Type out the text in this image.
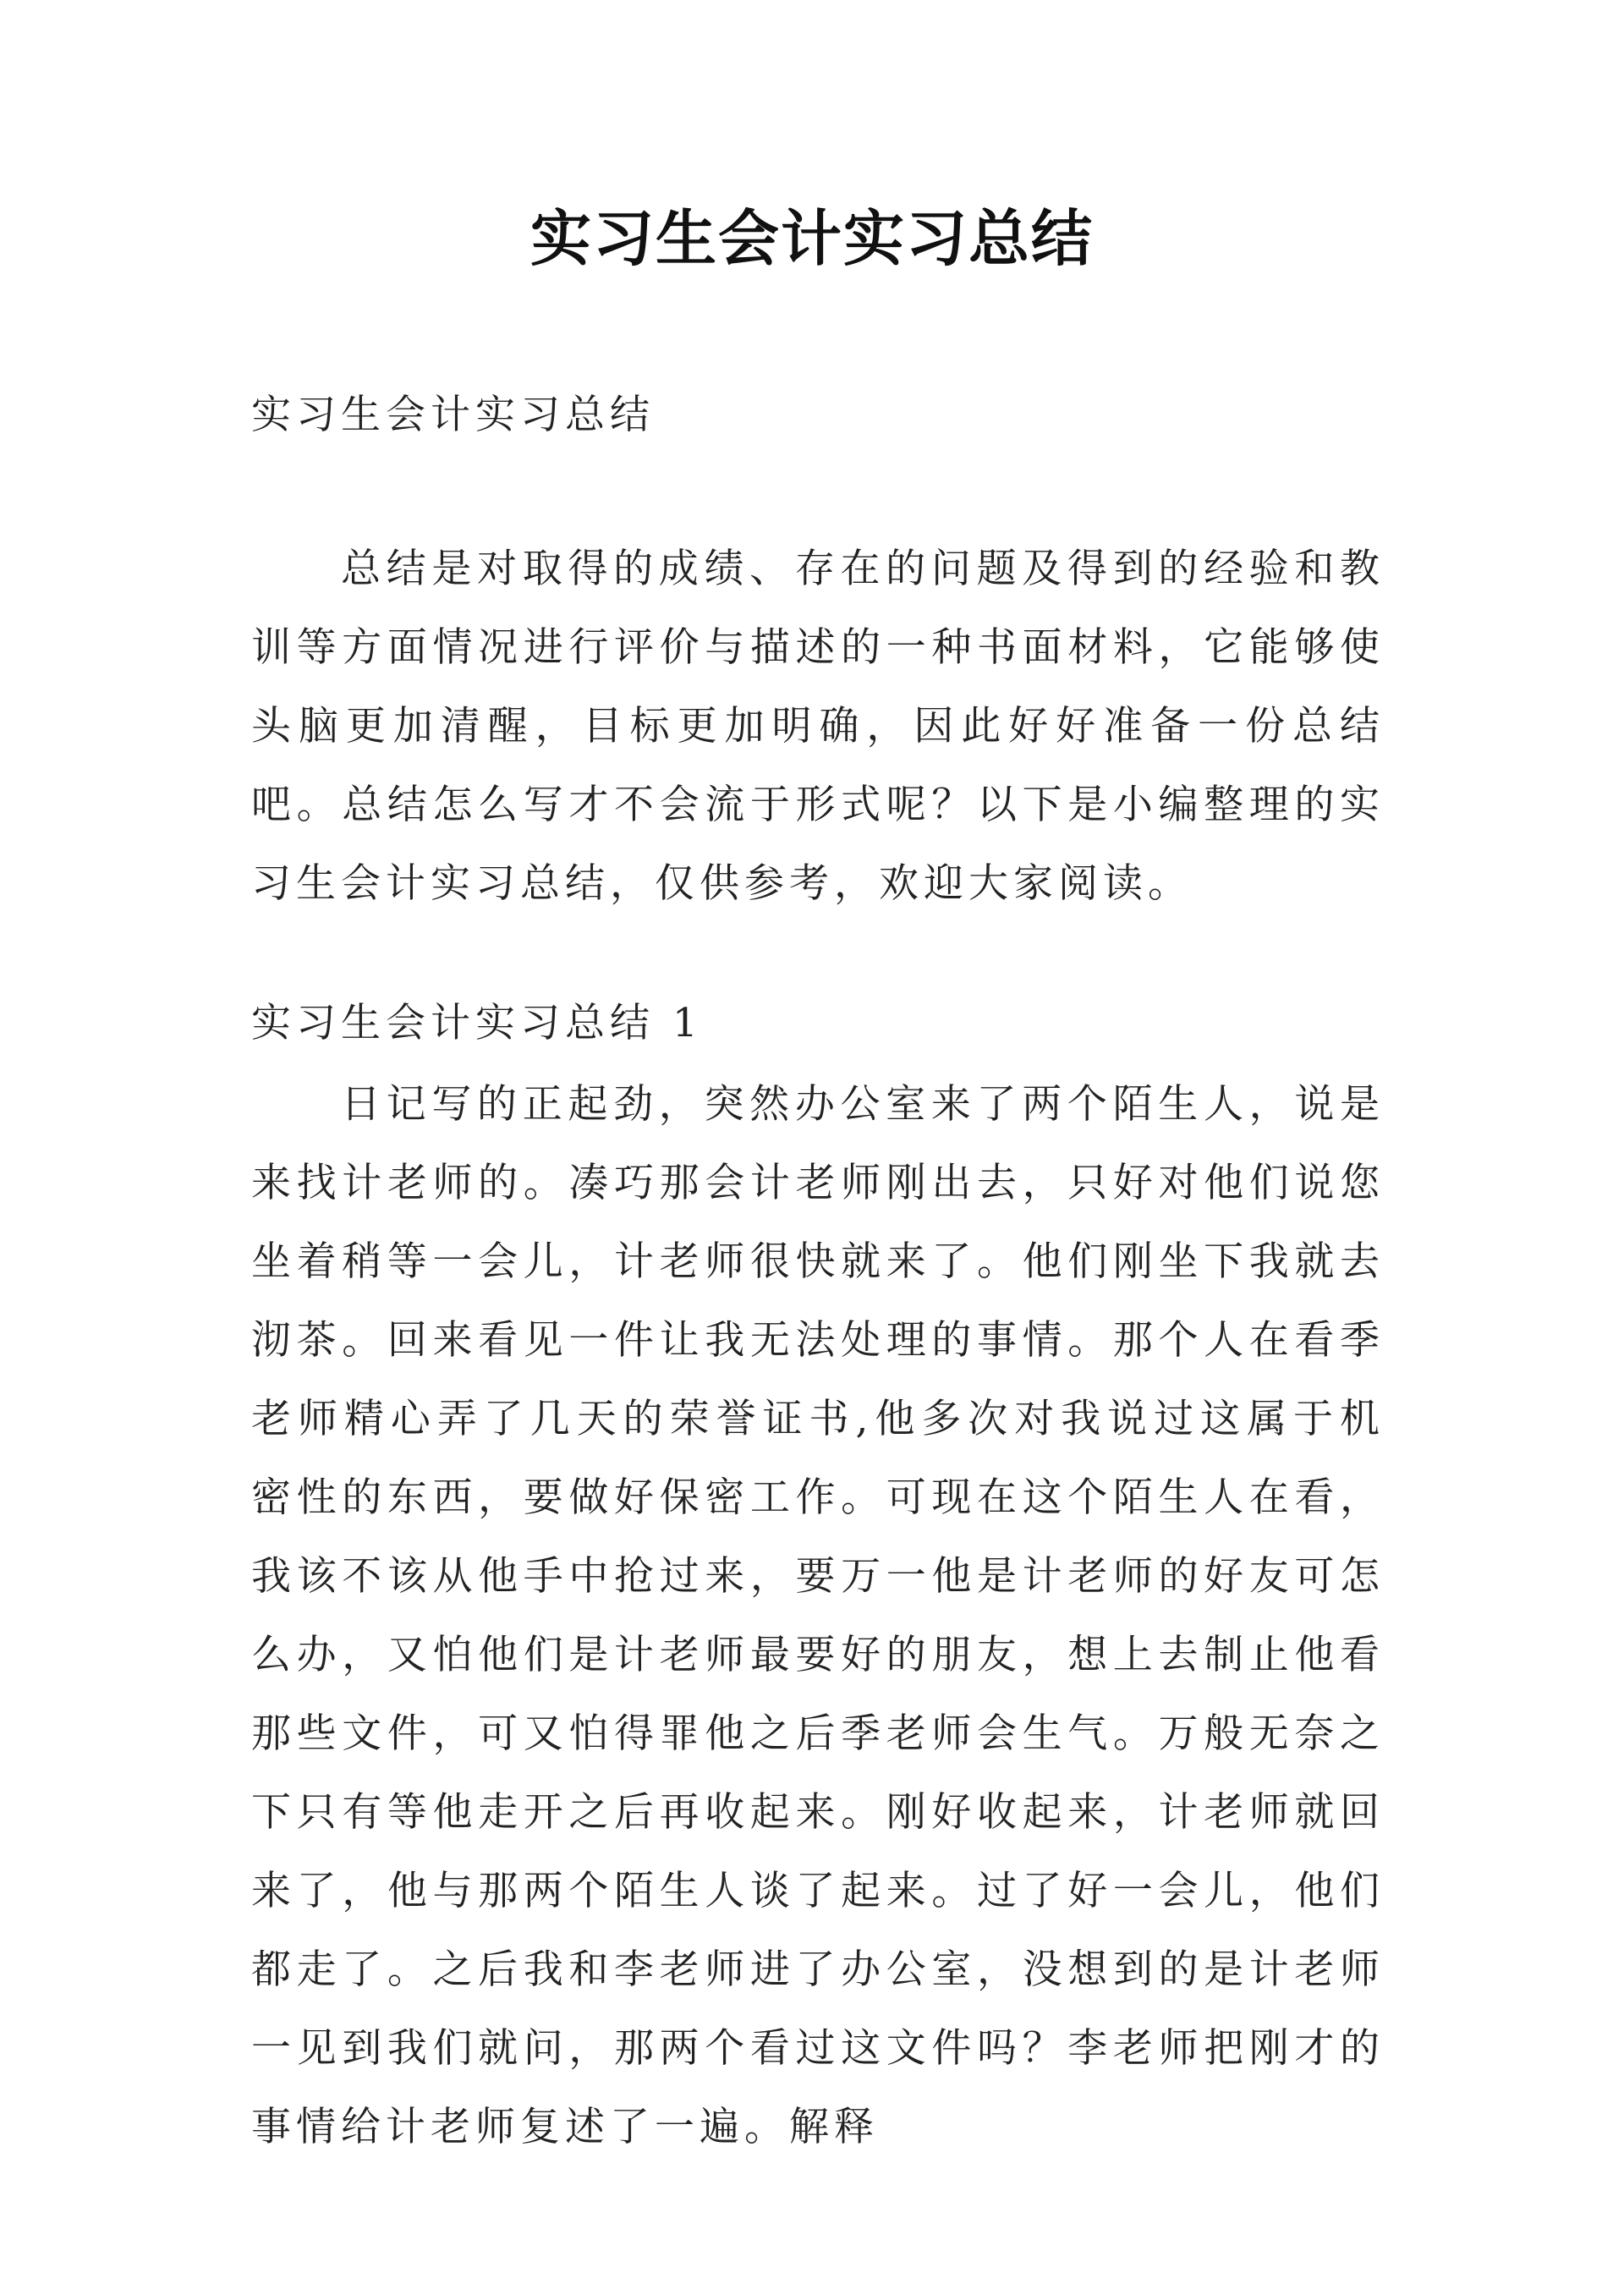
实习生会计实习总结

实习生会计实习总结

总结是对取得的成绩、存在的问题及得到的经验和教训等方面情况进行评价与描述的一种书面材料，它能够使头脑更加清醒，目标更加明确，因此好好准备一份总结吧。总结怎么写才不会流于形式呢？以下是小编整理的实习生会计实习总结，仅供参考，欢迎大家阅读。

实习生会计实习总结 1

日记写的正起劲，突然办公室来了两个陌生人，说是来找计老师的。凑巧那会计老师刚出去，只好对他们说您坐着稍等一会儿，计老师很快就来了。他们刚坐下我就去沏茶。回来看见一件让我无法处理的事情。那个人在看季老师精心弄了几天的荣誉证书,他多次对我说过这属于机密性的东西，要做好保密工作。可现在这个陌生人在看，我该不该从他手中抢过来，要万一他是计老师的好友可怎么办，又怕他们是计老师最要好的朋友，想上去制止他看那些文件，可又怕得罪他之后季老师会生气。万般无奈之下只有等他走开之后再收起来。刚好收起来，计老师就回来了，他与那两个陌生人谈了起来。过了好一会儿，他们都走了。之后我和李老师进了办公室，没想到的是计老师一见到我们就问，那两个看过这文件吗？李老师把刚才的事情给计老师复述了一遍。解释
